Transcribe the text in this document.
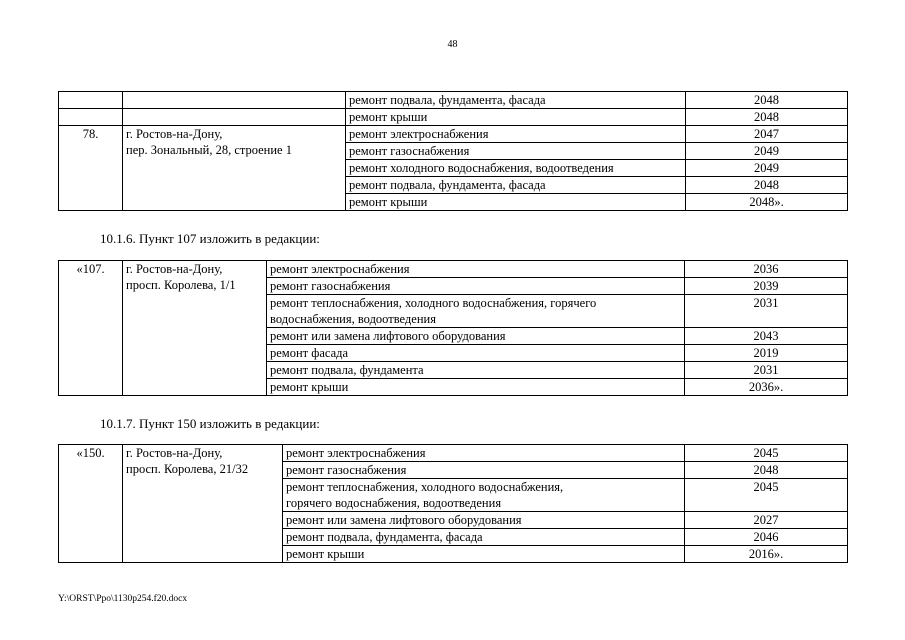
48
		ремонт подвала, фундамента, фасада	2048
		ремонт крыши	2048
78.	г. Ростов-на-Дону,
пер. Зональный, 28, строение 1	ремонт электроснабжения	2047
		ремонт газоснабжения	2049
		ремонт холодного водоснабжения, водоотведения	2049
		ремонт подвала, фундамента, фасада	2048
		ремонт крыши	2048».
10.1.6. Пункт 107 изложить в редакции:
«107.	г. Ростов-на-Дону,
просп. Королева, 1/1	ремонт электроснабжения	2036
		ремонт газоснабжения	2039
		ремонт теплоснабжения, холодного водоснабжения, горячего
водоснабжения, водоотведения	2031
		ремонт или замена лифтового оборудования	2043
		ремонт фасада	2019
		ремонт подвала, фундамента	2031
		ремонт крыши	2036».
10.1.7. Пункт 150 изложить в редакции:
«150.	г. Ростов-на-Дону,
просп. Королева, 21/32	ремонт электроснабжения	2045
		ремонт газоснабжения	2048
		ремонт теплоснабжения, холодного водоснабжения,
горячего водоснабжения, водоотведения	2045
		ремонт или замена лифтового оборудования	2027
		ремонт подвала, фундамента, фасада	2046
		ремонт крыши	2016».
Y:\ORST\Ppo\1130p254.f20.docx
